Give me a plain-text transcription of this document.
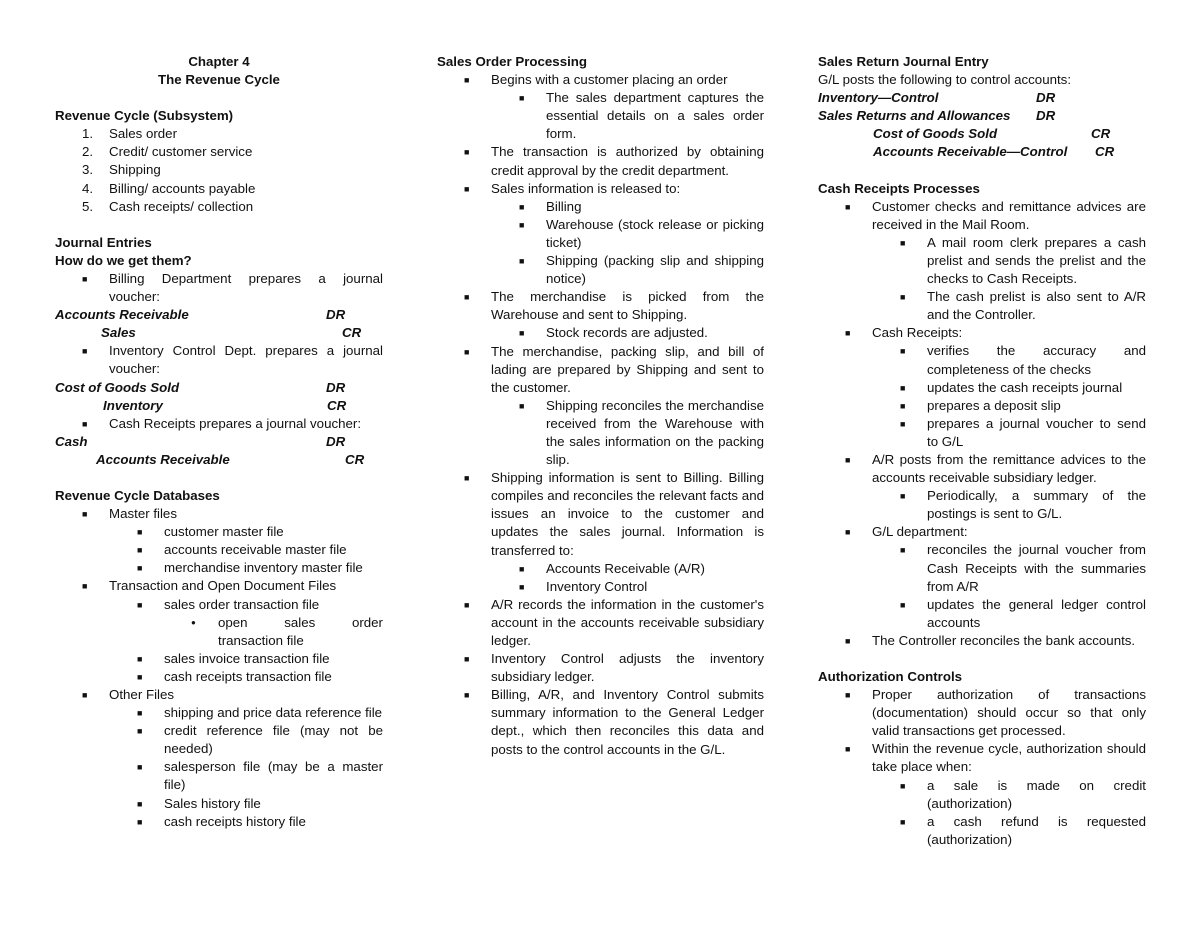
Chapter 4
The Revenue Cycle
Revenue Cycle (Subsystem)
1. Sales order
2. Credit/ customer service
3. Shipping
4. Billing/ accounts payable
5. Cash receipts/ collection
Journal Entries
How do we get them?
■ Billing Department prepares a journal voucher:
Accounts Receivable	DR
Sales	CR
■ Inventory Control Dept. prepares a journal voucher:
Cost of Goods Sold	DR
Inventory	CR
■ Cash Receipts prepares a journal voucher:
Cash	DR
Accounts Receivable	CR
Revenue Cycle Databases
■ Master files
■ customer master file
■ accounts receivable master file
■ merchandise inventory master file
■ Transaction and Open Document Files
■ sales order transaction file
● open sales order transaction file
■ sales invoice transaction file
■ cash receipts transaction file
■ Other Files
■ shipping and price data reference file
■ credit reference file (may not be needed)
■ salesperson file (may be a master file)
■ Sales history file
■ cash receipts history file
Sales Order Processing
■ Begins with a customer placing an order
■ The sales department captures the essential details on a sales order form.
■ The transaction is authorized by obtaining credit approval by the credit department.
■ Sales information is released to:
■ Billing
■ Warehouse (stock release or picking ticket)
■ Shipping (packing slip and shipping notice)
■ The merchandise is picked from the Warehouse and sent to Shipping.
■ Stock records are adjusted.
■ The merchandise, packing slip, and bill of lading are prepared by Shipping and sent to the customer.
■ Shipping reconciles the merchandise received from the Warehouse with the sales information on the packing slip.
■ Shipping information is sent to Billing. Billing compiles and reconciles the relevant facts and issues an invoice to the customer and updates the sales journal. Information is transferred to:
■ Accounts Receivable (A/R)
■ Inventory Control
■ A/R records the information in the customer's account in the accounts receivable subsidiary ledger.
■ Inventory Control adjusts the inventory subsidiary ledger.
■ Billing, A/R, and Inventory Control submits summary information to the General Ledger dept., which then reconciles this data and posts to the control accounts in the G/L.
Sales Return Journal Entry
G/L posts the following to control accounts:
Inventory—Control	DR
Sales Returns and Allowances DR
Cost of Goods Sold	CR
Accounts Receivable—Control CR
Cash Receipts Processes
■ Customer checks and remittance advices are received in the Mail Room.
■ A mail room clerk prepares a cash prelist and sends the prelist and the checks to Cash Receipts.
■ The cash prelist is also sent to A/R and the Controller.
■ Cash Receipts:
■ verifies the accuracy and completeness of the checks
■ updates the cash receipts journal
■ prepares a deposit slip
■ prepares a journal voucher to send to G/L
■ A/R posts from the remittance advices to the accounts receivable subsidiary ledger.
■ Periodically, a summary of the postings is sent to G/L.
■ G/L department:
■ reconciles the journal voucher from Cash Receipts with the summaries from A/R
■ updates the general ledger control accounts
■ The Controller reconciles the bank accounts.
Authorization Controls
■ Proper authorization of transactions (documentation) should occur so that only valid transactions get processed.
■ Within the revenue cycle, authorization should take place when:
■ a sale is made on credit (authorization)
■ a cash refund is requested (authorization)
